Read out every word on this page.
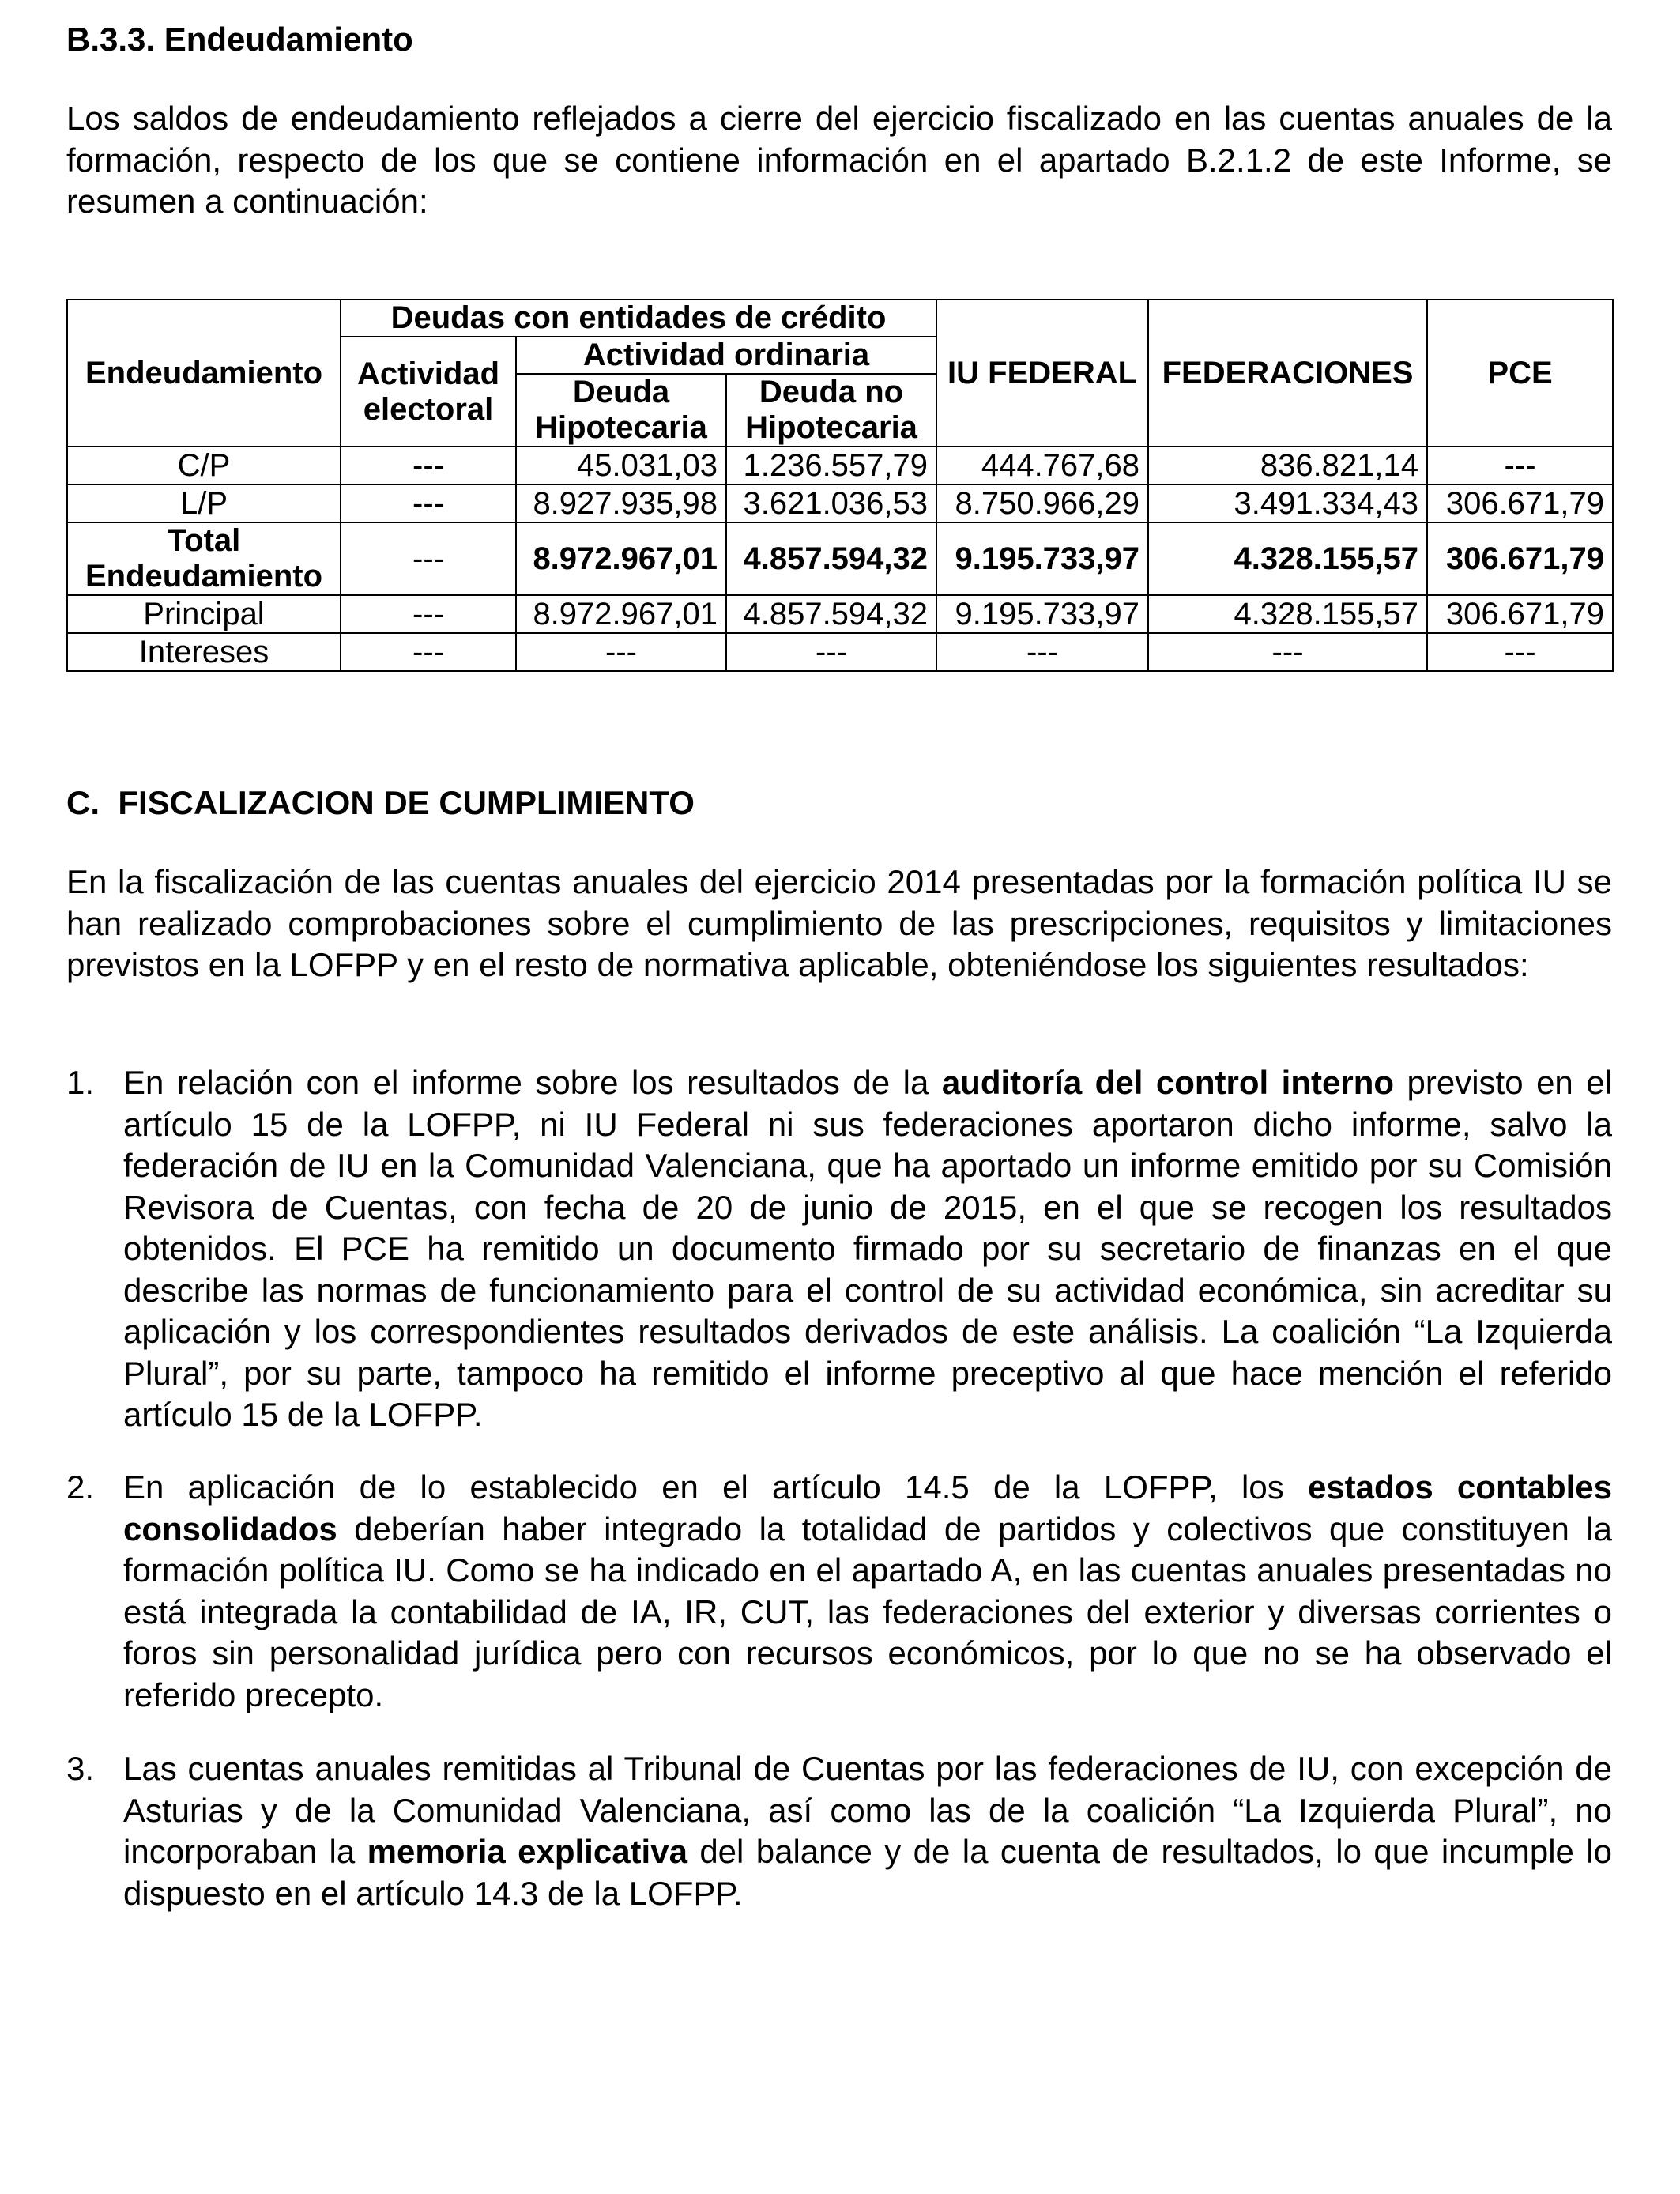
B.3.3. Endeudamiento

Los saldos de endeudamiento reflejados a cierre del ejercicio fiscalizado en las cuentas anuales de la formación, respecto de los que se contiene información en el apartado B.2.1.2 de este Informe, se resumen a continuación:

Endeudamiento	Deudas con entidades de crédito			IU FEDERAL	FEDERACIONES	PCE
	Actividad electoral	Actividad ordinaria				
		Deuda Hipotecaria	Deuda no Hipotecaria			
C/P	---	45.031,03	1.236.557,79	444.767,68	836.821,14	---
L/P	---	8.927.935,98	3.621.036,53	8.750.966,29	3.491.334,43	306.671,79
Total Endeudamiento	---	8.972.967,01	4.857.594,32	9.195.733,97	4.328.155,57	306.671,79
Principal	---	8.972.967,01	4.857.594,32	9.195.733,97	4.328.155,57	306.671,79
Intereses	---	---	---	---	---	---

C.  FISCALIZACION DE CUMPLIMIENTO

En la fiscalización de las cuentas anuales del ejercicio 2014 presentadas por la formación política IU se han realizado comprobaciones sobre el cumplimiento de las prescripciones, requisitos y limitaciones previstos en la LOFPP y en el resto de normativa aplicable, obteniéndose los siguientes resultados:

1. En relación con el informe sobre los resultados de la auditoría del control interno previsto en el artículo 15 de la LOFPP, ni IU Federal ni sus federaciones aportaron dicho informe, salvo la federación de IU en la Comunidad Valenciana, que ha aportado un informe emitido por su Comisión Revisora de Cuentas, con fecha de 20 de junio de 2015, en el que se recogen los resultados obtenidos. El PCE ha remitido un documento firmado por su secretario de finanzas en el que describe las normas de funcionamiento para el control de su actividad económica, sin acreditar su aplicación y los correspondientes resultados derivados de este análisis. La coalición “La Izquierda Plural”, por su parte, tampoco ha remitido el informe preceptivo al que hace mención el referido artículo 15 de la LOFPP.

2. En aplicación de lo establecido en el artículo 14.5 de la LOFPP, los estados contables consolidados deberían haber integrado la totalidad de partidos y colectivos que constituyen la formación política IU. Como se ha indicado en el apartado A, en las cuentas anuales presentadas no está integrada la contabilidad de IA, IR, CUT, las federaciones del exterior y diversas corrientes o foros sin personalidad jurídica pero con recursos económicos, por lo que no se ha observado el referido precepto.

3. Las cuentas anuales remitidas al Tribunal de Cuentas por las federaciones de IU, con excepción de Asturias y de la Comunidad Valenciana, así como las de la coalición “La Izquierda Plural”, no incorporaban la memoria explicativa del balance y de la cuenta de resultados, lo que incumple lo dispuesto en el artículo 14.3 de la LOFPP.
